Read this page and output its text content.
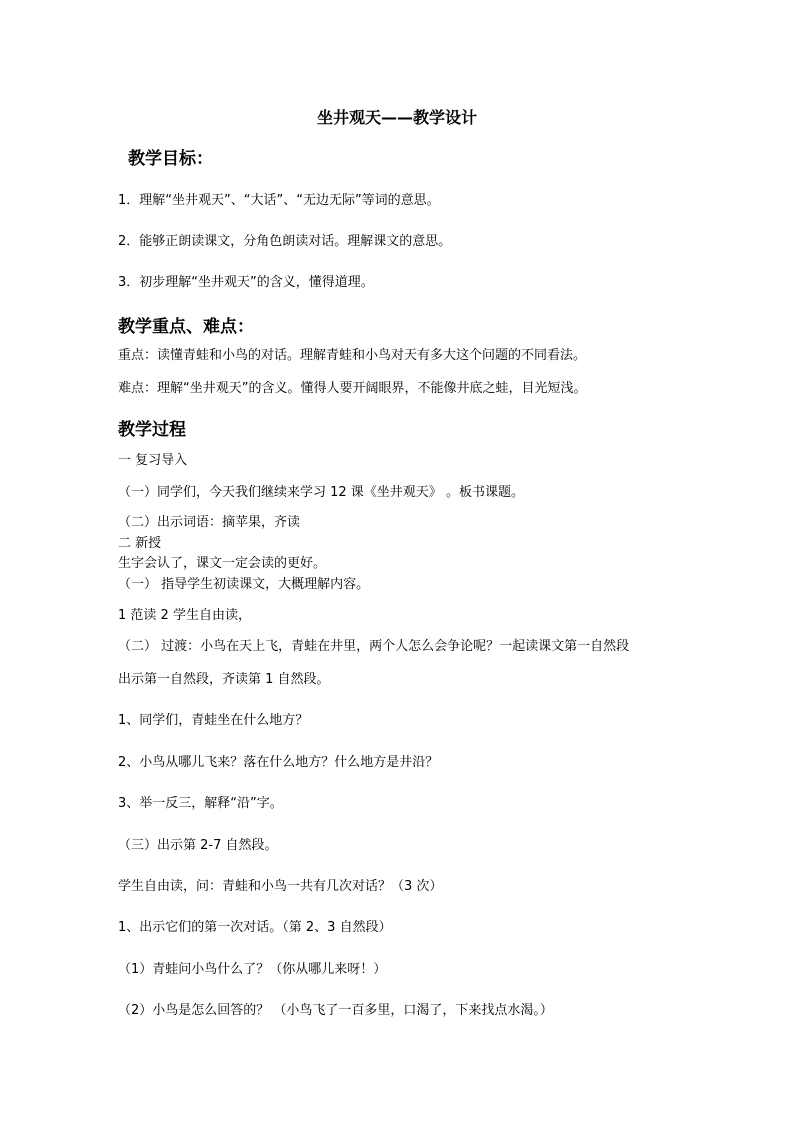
坐井观天——教学设计
教学目标：
1．理解“坐井观天”、“大话”、“无边无际”等词的意思。
2．能够正朗读课文，分角色朗读对话。理解课文的意思。
3．初步理解“坐井观天”的含义，懂得道理。
教学重点、难点：
重点：读懂青蛙和小鸟的对话。理解青蛙和小鸟对天有多大这个问题的不同看法。
难点：理解“坐井观天”的含义。懂得人要开阔眼界，不能像井底之蛙，目光短浅。
教学过程
一 复习导入
（一）同学们，今天我们继续来学习 12 课《坐井观天》 。板书课题。
（二）出示词语：摘苹果，齐读
二 新授
生字会认了，课文一定会读的更好。
（一） 指导学生初读课文，大概理解内容。
1 范读 2 学生自由读，
（二） 过渡：小鸟在天上飞，青蛙在井里，两个人怎么会争论呢？一起读课文第一自然段
出示第一自然段，齐读第 1 自然段。
1、同学们，青蛙坐在什么地方？
2、小鸟从哪儿飞来？落在什么地方？什么地方是井沿？
3、举一反三，解释“沿”字。
（三）出示第 2-7 自然段。
学生自由读，问：青蛙和小鸟一共有几次对话？（3 次）
1、出示它们的第一次对话。（第 2、3 自然段）
（1）青蛙问小鸟什么了？（你从哪儿来呀！）
（2）小鸟是怎么回答的？ （小鸟飞了一百多里，口渴了，下来找点水渴。）
